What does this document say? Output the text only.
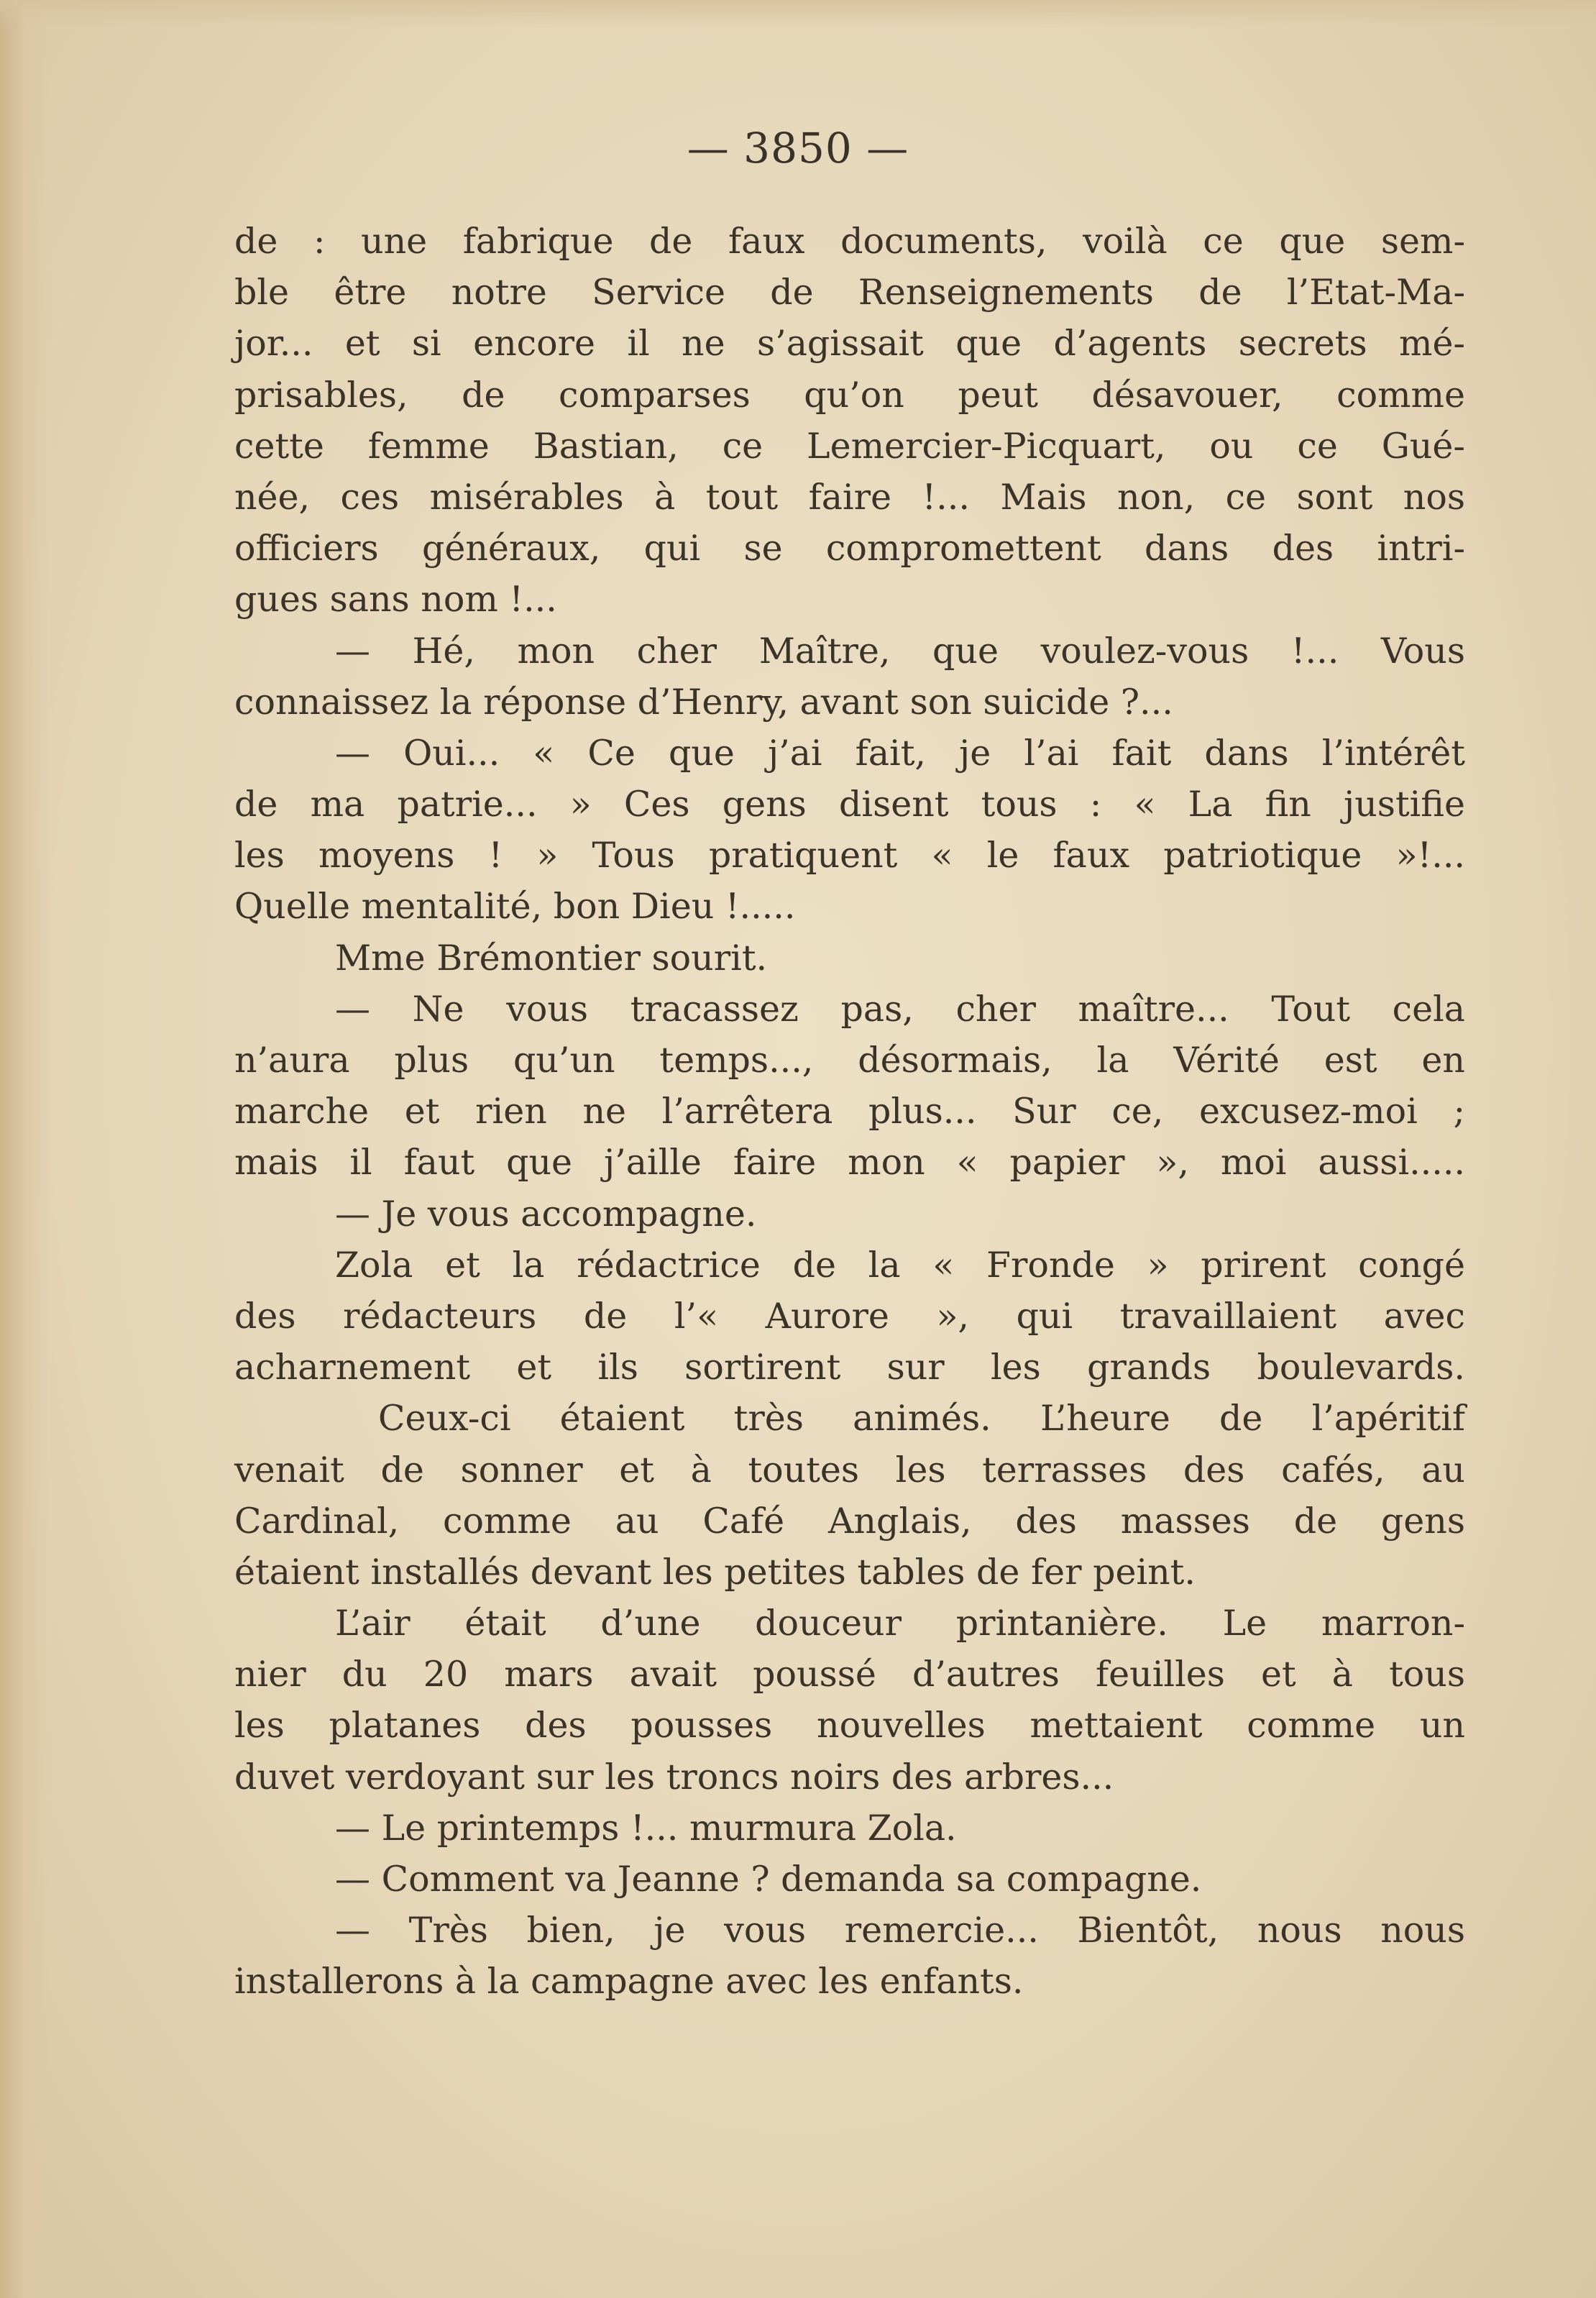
— 3850 —
de : une fabrique de faux documents, voilà ce que sem-
ble être notre Service de Renseignements de l’Etat-Ma-
jor... et si encore il ne s’agissait que d’agents secrets mé-
prisables, de comparses qu’on peut désavouer, comme
cette femme Bastian, ce Lemercier-Picquart, ou ce Gué-
née, ces misérables à tout faire !... Mais non, ce sont nos
officiers généraux, qui se compromettent dans des intri-
gues sans nom !...
— Hé, mon cher Maître, que voulez-vous !... Vous
connaissez la réponse d’Henry, avant son suicide ?...
— Oui... « Ce que j’ai fait, je l’ai fait dans l’intérêt
de ma patrie... » Ces gens disent tous : « La fin justifie
les moyens ! » Tous pratiquent « le faux patriotique »!...
Quelle mentalité, bon Dieu !.....
Mme Brémontier sourit.
— Ne vous tracassez pas, cher maître... Tout cela
n’aura plus qu’un temps..., désormais, la Vérité est en
marche et rien ne l’arrêtera plus... Sur ce, excusez-moi ;
mais il faut que j’aille faire mon « papier », moi aussi.....
— Je vous accompagne.
Zola et la rédactrice de la « Fronde » prirent congé
des rédacteurs de l’« Aurore », qui travaillaient avec
acharnement et ils sortirent sur les grands boulevards.
Ceux-ci étaient très animés. L’heure de l’apéritif
venait de sonner et à toutes les terrasses des cafés, au
Cardinal, comme au Café Anglais, des masses de gens
étaient installés devant les petites tables de fer peint.
L’air était d’une douceur printanière. Le marron-
nier du 20 mars avait poussé d’autres feuilles et à tous
les platanes des pousses nouvelles mettaient comme un
duvet verdoyant sur les troncs noirs des arbres...
— Le printemps !... murmura Zola.
— Comment va Jeanne ? demanda sa compagne.
— Très bien, je vous remercie... Bientôt, nous nous
installerons à la campagne avec les enfants.
